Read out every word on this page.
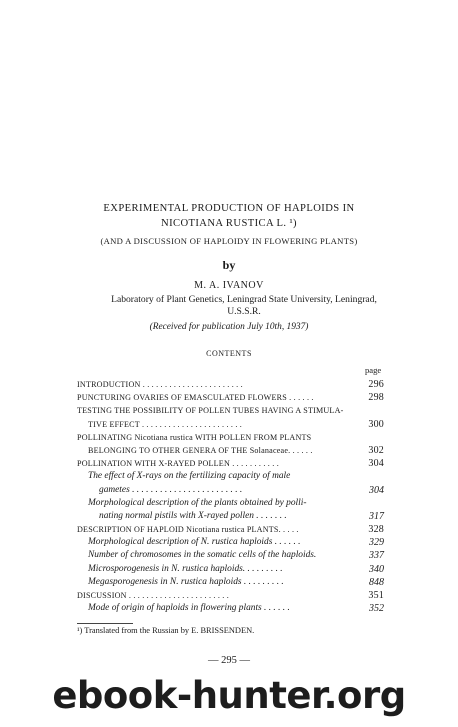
EXPERIMENTAL PRODUCTION OF HAPLOIDS IN
NICOTIANA RUSTICA L. ¹)
(AND A DISCUSSION OF HAPLOIDY IN FLOWERING PLANTS)
by
M. A. IVANOV
Laboratory of Plant Genetics, Leningrad State University, Leningrad, U.S.S.R.
(Received for publication July 10th, 1937)
CONTENTS
page
INTRODUCTION . . . . . . . . . . . . . . . . . . . . . . .	296
PUNCTURING OVARIES OF EMASCULATED FLOWERS . . . . . .	298
TESTING THE POSSIBILITY OF POLLEN TUBES HAVING A STIMULA-
TIVE EFFECT . . . . . . . . . . . . . . . . . . . . . . .	300
POLLINATING Nicotiana rustica WITH POLLEN FROM PLANTS
BELONGING TO OTHER GENERA OF THE Solanaceae. . . . . .	302
POLLINATION WITH X-RAYED POLLEN . . . . . . . . . . .	304
The effect of X-rays on the fertilizing capacity of male
gametes . . . . . . . . . . . . . . . . . . . . . . . .	304
Morphological description of the plants obtained by polli-
nating normal pistils with X-rayed pollen . . . . . . .	317
DESCRIPTION OF HAPLOID Nicotiana rustica PLANTS. . . . .	328
Morphological description of N. rustica haploids . . . . . .	329
Number of chromosomes in the somatic cells of the haploids.	337
Microsporogenesis in N. rustica haploids. . . . . . . . .	340
Megasporogenesis in N. rustica haploids . . . . . . . . .	848
DISCUSSION . . . . . . . . . . . . . . . . . . . . . . .	351
Mode of origin of haploids in flowering plants . . . . . .	352
¹) Translated from the Russian by E. BRISSENDEN.
— 295 —
ebook-hunter.org
